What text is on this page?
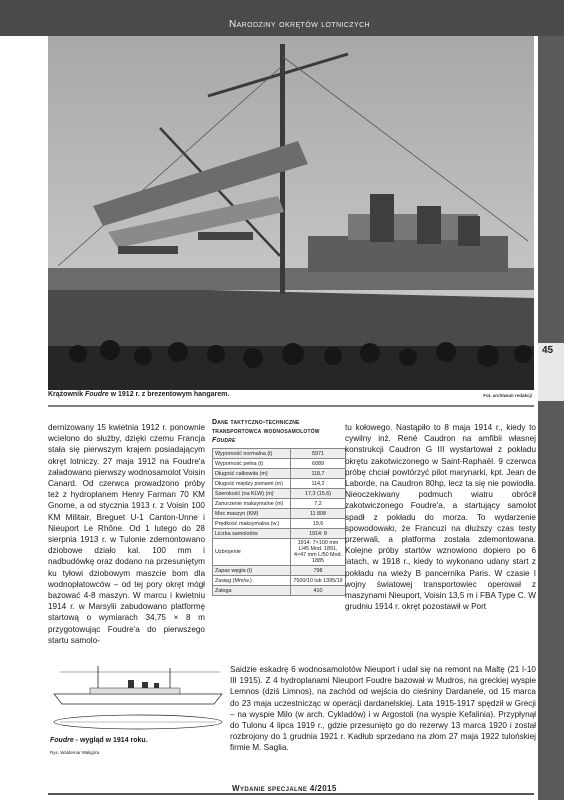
Narodziny okrętów lotniczych
45
Krążownik Foudre w 1912 r. z brezentowym hangarem.	Fot. archiwum redakcji

dernizowany 15 kwietnia 1912 r. ponownie wcielono do służby, dzięki czemu Francja stała się pierwszym krajem posiadającym okręt lotniczy. 27 maja 1912 na Foudre'a załadowano pierwszy wodnosamolot Voisin Canard. Od czerwca prowadzono próby też z hydroplanem Henry Farman 70 KM Gnome, a od stycznia 1913 r. z Voisin 100 KM Militair, Breguet U-1 Canton-Unne i Nieuport Le Rhône. Od 1 lutego do 28 sierpnia 1913 r. w Tulonie zdemontowano dziobowe działo kal. 100 mm i nadbudówkę oraz dodano na przesuniętym ku tyłowi dziobowym maszcie bom dla wodnopłatowców – od tej pory okręt mógł bazować 4-8 maszyn. W marcu i kwietniu 1914 r. w Marsylii zabudowano platformę startową o wymiarach 34,75 × 8 m przygotowując Foudre'a do pierwszego startu samolo-

Dane taktyczno-techniczne
transportowca wodnosamolotów
Foudre
Wyporność normalna (t)	5971
Wyporność pełna (t)	6089
Długość całkowita (m)	118,7
Długość między pionami (m)	114,2
Szerokość (na KLW) (m)	17,3 (15,6)
Zanurzenie maksymalne (m)	7,2
Moc maszyn (KM)	11 808
Prędkość maksymalna (w.)	19,6
Liczba samolotów	1914: 8
Uzbrojenie	1914: 7×100 mm L/45 Mod. 1891, 4×47 mm L/50 Mod. 1885
Zapas węgla (t)	798
Zasięg (Mm/w.)	7500/10 lub 1395/19
Załoga	410

tu kołowego. Nastąpiło to 8 maja 1914 r., kiedy to cywilny inż. René Caudron na amfibii własnej konstrukcji Caudron G III wystartował z pokładu okrętu zakotwiczonego w Saint-Raphaël. 9 czerwca próbę chciał powtórzyć pilot marynarki, kpt. Jean de Laborde, na Caudron 80hp, lecz ta się nie powiodła. Nieoczekiwany podmuch wiatru obrócił zakotwiczonego Foudre'a, a startujący samolot spadł z pokładu do morza. To wydarzenie spowodowało, że Francuzi na dłuższy czas testy przerwali, a platforma została zdemontowana. Kolejne próby startów wznowiono dopiero po 6 latach, w 1918 r., kiedy to wykonano udany start z pokładu na wieży B pancernika Paris. W czasie I wojny światowej transportowiec operował z maszynami Nieuport, Voisin 13,5 m i FBA Type C. W grudniu 1914 r. okręt pozostawił w Port

Saidzie eskadrę 6 wodnosamolotów Nieuport i udał się na remont na Maltę (21 I-10 III 1915). Z 4 hydroplanami Nieuport Foudre bazował w Mudros, na greckiej wyspie Lemnos (dziś Limnos), na zachód od wejścia do cieśniny Dardanele, od 15 marca do 23 maja uczestnicząc w operacji dardanelskiej. Lata 1915-1917 spędził w Grecji – na wyspie Milo (w arch. Cykladów) i w Argostoli (na wyspie Kefalinia). Przypłynął do Tulonu 4 lipca 1919 r., gdzie przesunięto go do rezerwy 13 marca 1920 i został rozbrojony do 1 grudnia 1921 r. Kadłub sprzedano na złom 27 maja 1922 tulońskiej firmie M. Saglia.

Foudre - wygląd w 1914 roku.
Rys. Waldemar Waligóra
Wydanie specjalne 4/2015
